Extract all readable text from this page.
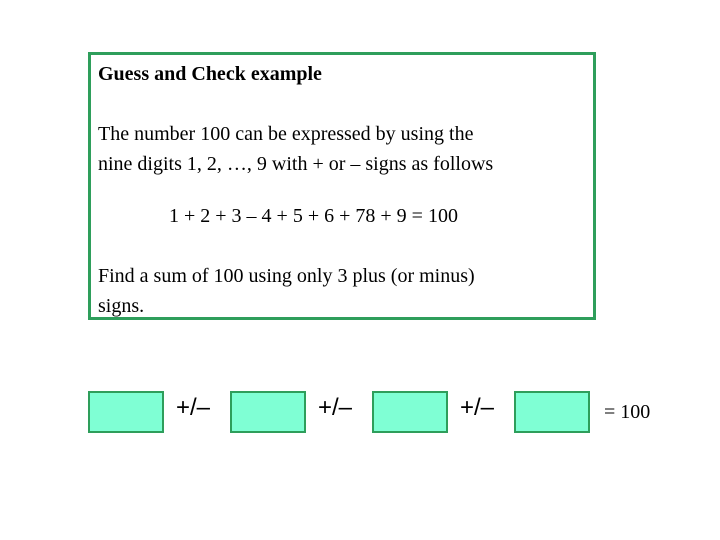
Guess and Check example

The number 100 can be expressed by using the
nine digits 1, 2, …, 9 with + or – signs as follows

1 + 2 + 3 – 4 + 5 + 6 + 78 + 9 = 100

Find a sum of 100 using only 3 plus (or minus)
signs.

+/–	+/–	+/–	= 100
